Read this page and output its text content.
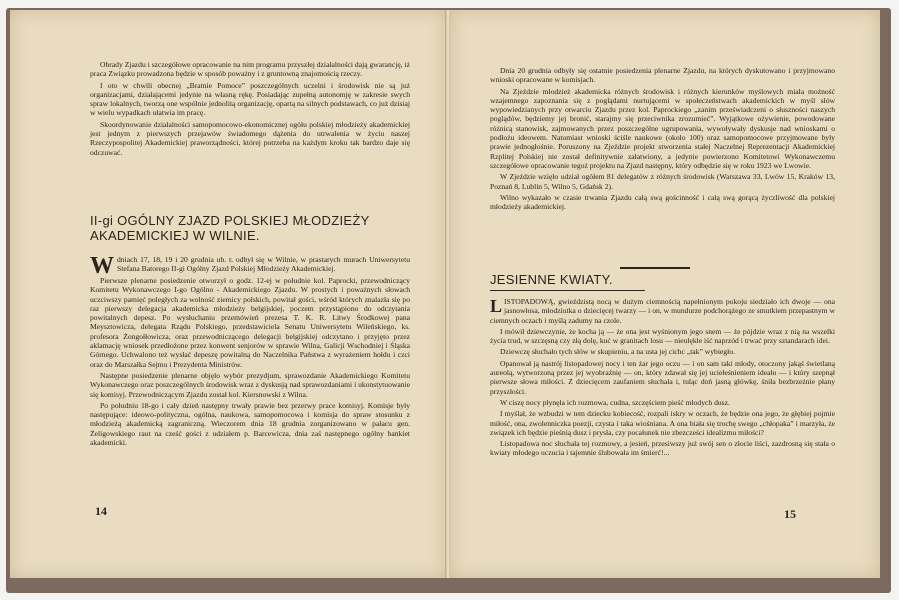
Obrady Zjazdu i szczegółowe opracowanie na nim programu przyszłej działalności dają gwarancję, iż praca Związku prowadzona będzie w sposób poważny i z gruntowną znajomością rzeczy.

I oto w chwili obecnej „Bratnie Pomoce” poszczególnych uczelni i środowisk nie są już organizacjami, działającemi jedynie na własną rękę. Posiadając zupełną autonomję w zakresie swych spraw lokalnych, tworzą one wspólnie jednolitą organizację, opartą na silnych podstawach, co już dzisiaj w wielu wypadkach ułatwia im pracę.

Skoordynowanie działalności samopomocowo-ekonomicznej ogółu polskiej młodzieży akademickiej jest jednym z pierwszych przejawów świadomego dążenia do utrwalenia w życiu naszej Rzeczypospolitej Akademickiej praworządności, której potrzeba na każdym kroku tak bardzo daje się odczuwać.

II-gi OGÓLNY ZJAZD POLSKIEJ MŁODZIEŻY AKADEMICKIEJ W WILNIE.

Wdniach 17, 18, 19 i 20 grudnia ub. r. odbył się w Wilnie, w prastarych murach Uniwersytetu Stefana Batorego II-gi Ogólny Zjazd Polskiej Młodzieży Akademickiej.

Pierwsze plenarne posiedzenie otworzył o godz. 12-ej w południe kol. Paprocki, przewodniczący Komitetu Wykonawczego I-go Ogólno - Akademickiego Zjazdu. W prostych i poważnych słowach uczciwszy pamięć poległych za wolność ziemicy polskich, powitał gości, wśród których znalazła się po raz pierwszy delegacja akademicka młodzieży belgijskiej, poczem przystąpiono do odczytania powitalnych depesz. Po wysłuchaniu przemówień prezesa T. K. R. Litwy Środkowej pana Meysztowicza, delegata Rządu Polskiego, przedstawiciela Senatu Uniwersytetu Wileńskiego, ks. profesora Żongołłowicza, oraz przewodniczącego delegacji belgijskiej odczytano i przyjęto przez aklamację wniosek przedłożone przez konwent senjorów w sprawie Wilna, Galicji Wschodniej i Śląska Górnego. Uchwalono też wysłać depeszę powitalną do Naczelnika Państwa z wyrażeniem hołdu i czci oraz do Marszałka Sejmu i Prezydenta Ministrów.

Następne posiedzenie plenarne objęło wybór prezydjum, sprawozdanie Akademickiego Komitetu Wykonawczego oraz poszczególnych środowisk wraz z dyskusją nad sprawozdaniami i ukonstytuowanie się komisyj. Przewodniczącym Zjazdu został kol. Kiersnowski z Wilna.

Po południu 18-go i cały dzień następny trwały prawie bez przerwy prace komisyj. Komisje były następujące: ideowo-polityczna, ogólna, naukowa, samopomocowa i komisja do spraw stosunku z młodzieżą akademicką zagraniczną. Wieczorem dnia 18 grudnia zorganizowano w pałacu gen. Żeligowskiego raut na cześć gości z udziałem p. Barcewicza, dnia zaś następnego ogólny bankiet akademicki.

14

Dnia 20 grudnia odbyły się ostatnie posiedzenia plenarne Zjazdu, na których dyskutowano i przyjmowano wnioski opracowane w komisjach.

Na Zjeździe młodzież akademicka różnych środowisk i różnych kierunków myślowych miała możność wzajemnego zapoznania się z poglądami nurtującemi w społeczeństwach akademickich w myśl słów wypowiedzianych przy otwarciu Zjazdu przez kol. Paprockiego „zanim przeświadczeni o słuszności naszych poglądów, będziemy jej bronić, starajmy się przeciwnika zrozumieć”. Wyjątkowe ożywienie, powodowane różnicą stanowisk, zajmowanych przez poszczególne ugrupowania, wywoływały dyskusje nad wnioskami o podłożu ideowem. Natomiast wnioski ściśle naukowe (około 100) oraz samopomocowe przyjmowane były prawie jednogłośnie. Poruszony na Zjeździe projekt stworzenia stałej Naczelnej Reprezentacji Akademickiej Rzplitej Polskiej nie został definitywnie załatwiony, a jedynie powierzono Komitetowi Wykonawczemu szczegółowe opracowanie tegoż projektu na Zjazd następny, który odbędzie się w roku 1923 we Lwowie.

W Zjeździe wzięło udział ogółem 81 delegatów z różnych środowisk (Warszawa 33, Lwów 15, Kraków 13, Poznań 8, Lublin 5, Wilno 5, Gdańsk 2).

Wilno wykazało w czasie trwania Zjazdu całą swą gościnność i całą swą gorącą życzliwość dla polskiej młodzieży akademickiej.

JESIENNE KWIATY.

LISTOPADOWĄ, gwieździstą nocą w dużym ciemnością napełnionym pokoju siedziało ich dwoje — ona jasnowłosa, młodziutka o dziecięcej twarzy — i on, w mundurze podchorążego ze smutkiem przepastnym w ciemnych oczach i myślą zadumy na czole.

I mówił dziewczynie, że kocha ją — że ona jest wyśnionym jego snem — że pójdzie wraz z nią na wszelki życia trud, w szczęsną czy złą dolę, kuć w granitach losu — nieulękle iść naprzód i trwać przy sztandarach idei.

Dziewczę słuchało tych słów w skupieniu, a na usta jej cichc „tak” wybiegło.

Opanował ją nastrój listopadowej nocy i ten żar jego oczu — i on sam taki młody, otoczony jakąś świetlaną aureolą, wytworzoną przez jej wyobraźnię — on, który zdawał się jej uciełeśnieniem ideału — i który szepnął pierwsze słowa miłości. Z dziecięcem zaufaniem słuchała i, tuląc doń jasną główkę, śniła bezbrzeżnie płany przyszłości.

W ciszę nocy płynęła ich rozmowa, cudna, szczęściem pieść młodych dusz.

I myślał, że wzbudzi w tem dziecku kobiecość, rozpali iskry w oczach, że będzie ona jego, że głębiej pojmie miłość, ona, zwolenniczka poezji, czysta i taka wiośniana. A ona biała się trochę swego „chłopaka” i marzyła, że związek ich będzie pieśnią dusz i prysła, czy pocałunek nie zbezcześci idealizmu miłości?

Listopadowa noc słuchała tej rozmowy, a jesień, przesiwszy już swój sen o złocie liści, zazdrosną się stała o kwiaty młodego uczucia i tajemnie ślubowała im śmierć!...

15
